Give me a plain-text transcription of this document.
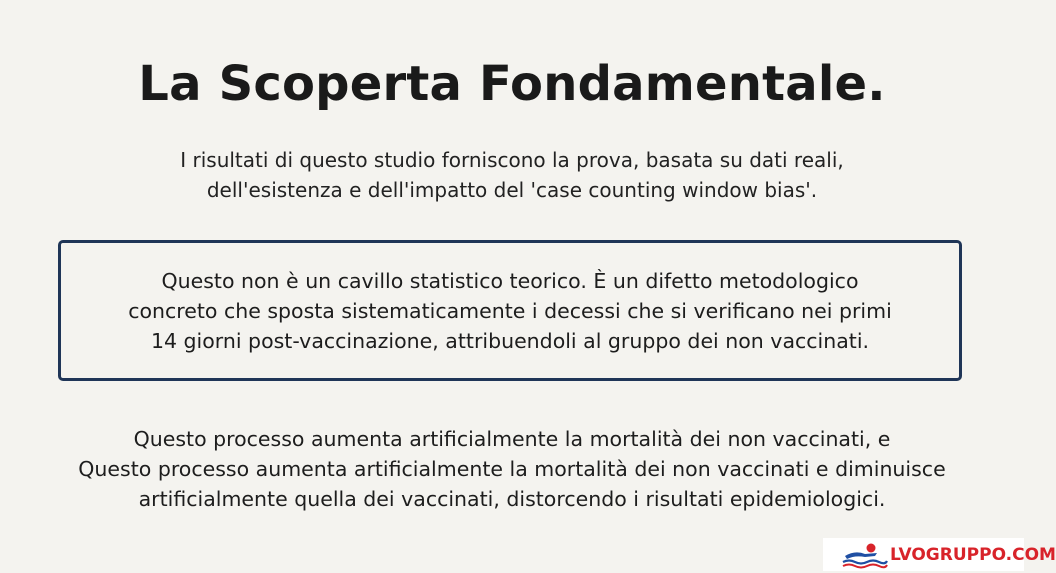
La Scoperta Fondamentale.
I risultati di questo studio forniscono la prova, basata su dati reali,
dell'esistenza e dell'impatto del 'case counting window bias'.
Questo non è un cavillo statistico teorico. È un difetto metodologico
concreto che sposta sistematicamente i decessi che si verificano nei primi
14 giorni post-vaccinazione, attribuendoli al gruppo dei non vaccinati.
Questo processo aumenta artificialmente la mortalità dei non vaccinati, e
Questo processo aumenta artificialmente la mortalità dei non vaccinati e diminuisce
artificialmente quella dei vaccinati, distorcendo i risultati epidemiologici.
LVOGRUPPO.COM
